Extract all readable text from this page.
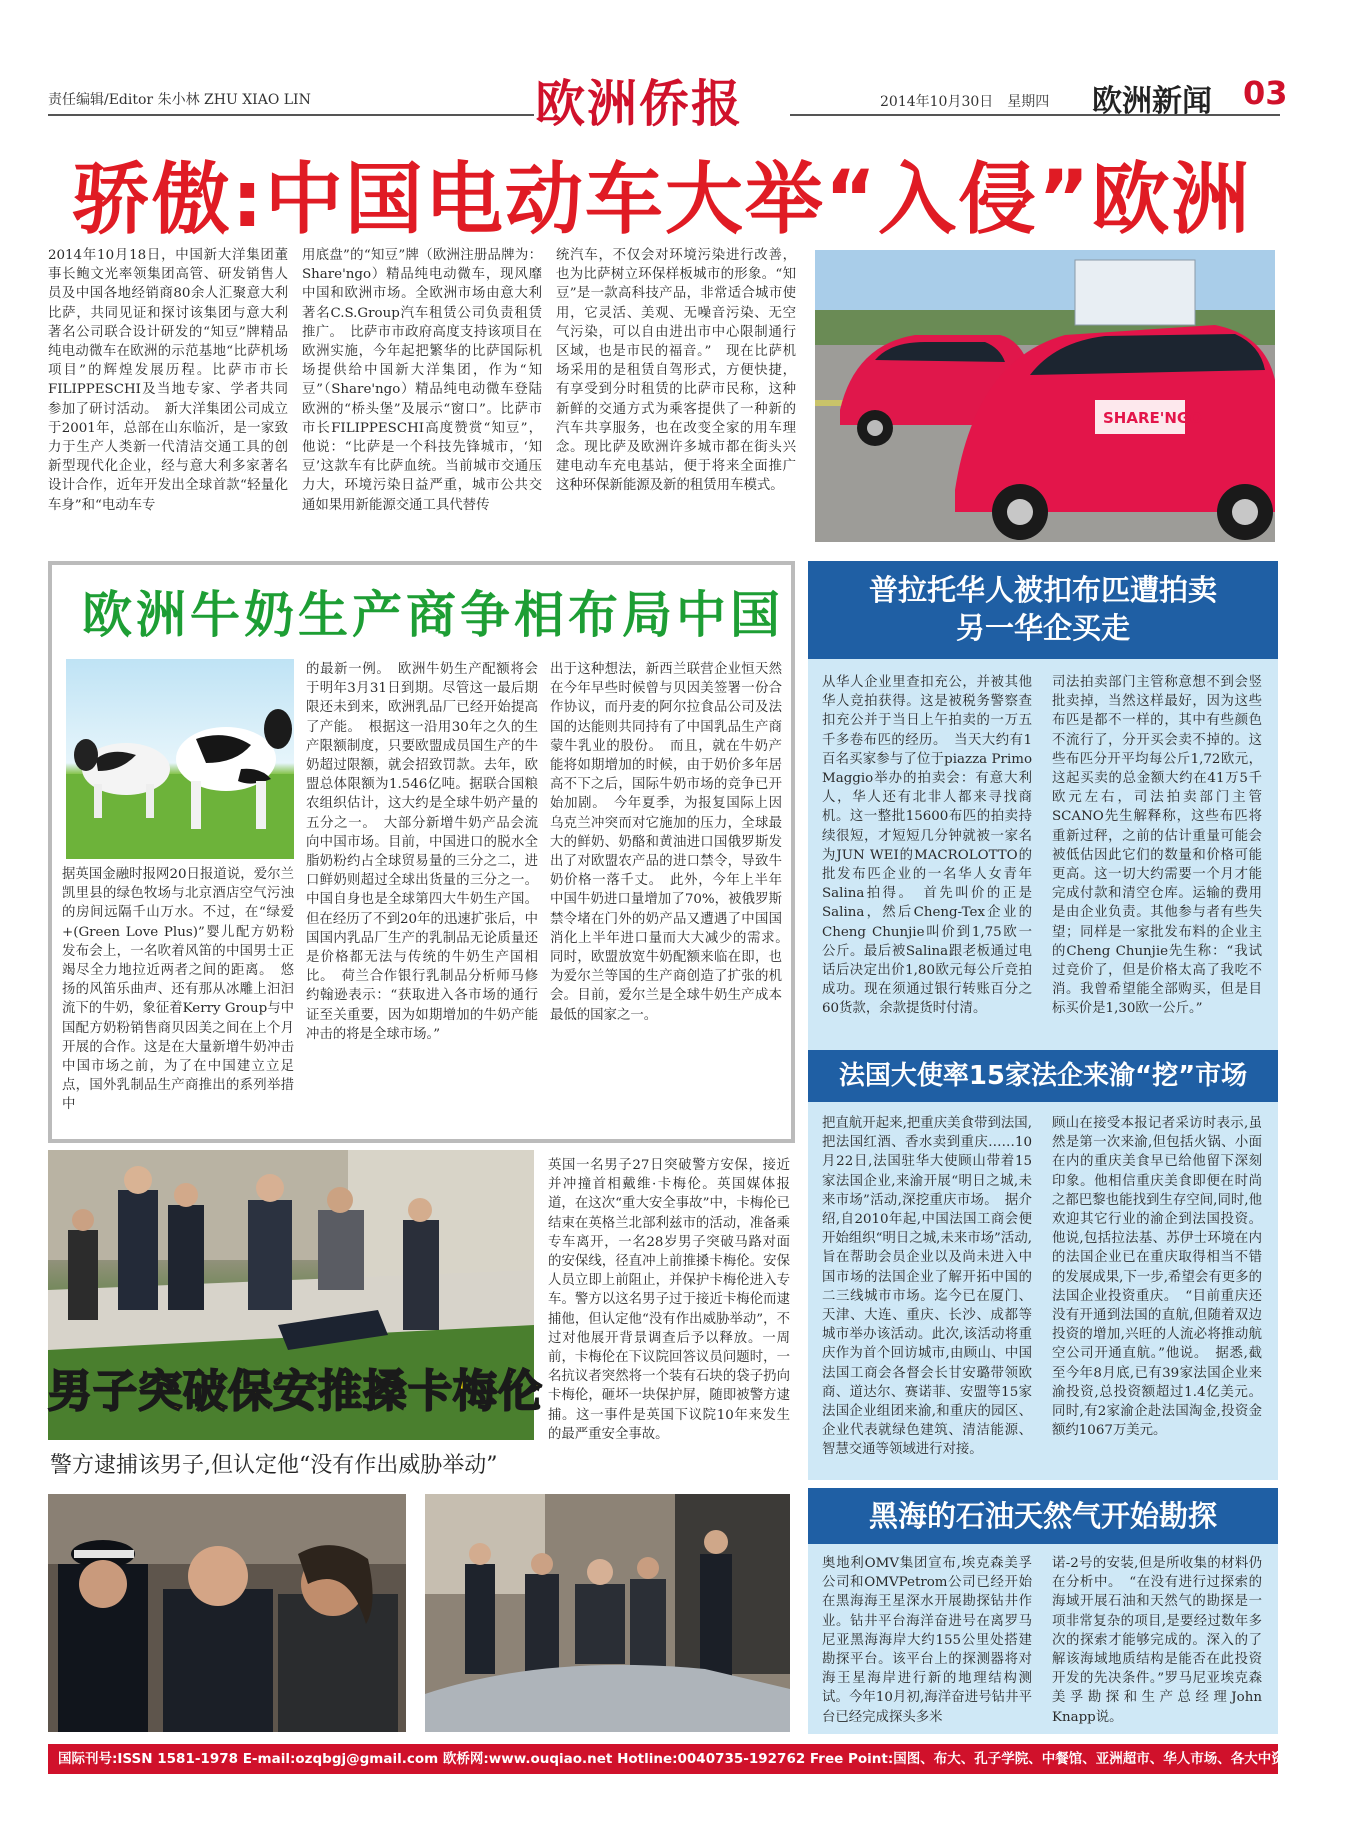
责任编辑/Editor 朱小林 ZHU XIAO LIN	欧洲侨报	2014年10月30日　星期四 欧洲新闻 03
骄傲:中国电动车大举“入侵”欧洲
2014年10月18日，中国新大洋集团董事长鲍文光率领集团高管、研发销售人员及中国各地经销商80余人汇聚意大利比萨，共同见证和探讨该集团与意大利著名公司联合设计研发的“知豆”牌精品纯电动微车在欧洲的示范基地“比萨机场项目”的辉煌发展历程。比萨市市长FILIPPESCHI及当地专家、学者共同参加了研讨活动。　新大洋集团公司成立于2001年，总部在山东临沂，是一家致力于生产人类新一代清洁交通工具的创新型现代化企业，经与意大利多家著名设计合作，近年开发出全球首款“轻量化车身”和“电动车专
用底盘”的“知豆”牌（欧洲注册品牌为：Share'ngo）精品纯电动微车，现风靡中国和欧洲市场。全欧洲市场由意大利著名C.S.Group汽车租赁公司负责租赁推广。　比萨市市政府高度支持该项目在欧洲实施，今年起把繁华的比萨国际机场提供给中国新大洋集团，作为“知豆”（Share'ngo）精品纯电动微车登陆欧洲的“桥头堡”及展示“窗口”。比萨市市长FILIPPESCHI高度赞赏“知豆”，他说：“比萨是一个科技先锋城市，‘知豆’这款车有比萨血统。当前城市交通压力大，环境污染日益严重，城市公共交通如果用新能源交通工具代替传
统汽车，不仅会对环境污染进行改善，也为比萨树立环保样板城市的形象。“知豆”是一款高科技产品，非常适合城市使用，它灵活、美观、无噪音污染、无空气污染，可以自由进出市中心限制通行区域，也是市民的福音。”　现在比萨机场采用的是租赁自驾形式，方便快捷，有享受到分时租赁的比萨市民称，这种新鲜的交通方式为乘客提供了一种新的汽车共享服务，也在改变全家的用车理念。现比萨及欧洲许多城市都在街头兴建电动车充电基站，便于将来全面推广这种环保新能源及新的租赁用车模式。
SHARE'NGO
欧洲牛奶生产商争相布局中国
据英国金融时报网20日报道说，爱尔兰凯里县的绿色牧场与北京酒店空气污浊的房间远隔千山万水。不过，在“绿爱+(Green Love Plus)”婴儿配方奶粉发布会上，一名吹着风笛的中国男士正竭尽全力地拉近两者之间的距离。　悠扬的风笛乐曲声、还有那从冰雕上汩汩流下的牛奶，象征着Kerry Group与中国配方奶粉销售商贝因美之间在上个月开展的合作。这是在大量新增牛奶冲击中国市场之前，为了在中国建立立足点，国外乳制品生产商推出的系列举措中
的最新一例。　欧洲牛奶生产配额将会于明年3月31日到期。尽管这一最后期限还未到来，欧洲乳品厂已经开始提高了产能。　根据这一沿用30年之久的生产限额制度，只要欧盟成员国生产的牛奶超过限额，就会招致罚款。去年，欧盟总体限额为1.546亿吨。据联合国粮农组织估计，这大约是全球牛奶产量的五分之一。　大部分新增牛奶产品会流向中国市场。目前，中国进口的脱水全脂奶粉约占全球贸易量的三分之二，进口鲜奶则超过全球出货量的三分之一。中国自身也是全球第四大牛奶生产国。但在经历了不到20年的迅速扩张后，中国国内乳品厂生产的乳制品无论质量还是价格都无法与传统的牛奶生产国相比。　荷兰合作银行乳制品分析师马修约翰逊表示：“获取进入各市场的通行证至关重要，因为如期增加的牛奶产能冲击的将是全球市场。”
出于这种想法，新西兰联营企业恒天然在今年早些时候曾与贝因美签署一份合作协议，而丹麦的阿尔拉食品公司及法国的达能则共同持有了中国乳品生产商蒙牛乳业的股份。　而且，就在牛奶产能将如期增加的时候，由于奶价多年居高不下之后，国际牛奶市场的竞争已开始加剧。　今年夏季，为报复国际上因乌克兰冲突而对它施加的压力，全球最大的鲜奶、奶酪和黄油进口国俄罗斯发出了对欧盟农产品的进口禁令，导致牛奶价格一落千丈。　此外，今年上半年中国牛奶进口量增加了70%，被俄罗斯禁令堵在门外的奶产品又遭遇了中国国消化上半年进口量而大大减少的需求。　同时，欧盟放宽牛奶配额来临在即，也为爱尔兰等国的生产商创造了扩张的机会。目前，爱尔兰是全球牛奶生产成本最低的国家之一。
普拉托华人被扣布匹遭拍卖
另一华企买走
从华人企业里查扣充公，并被其他华人竞拍获得。这是被税务警察查扣充公并于当日上午拍卖的一万五千多卷布匹的经历。　当天大约有1百名买家参与了位于piazza Primo Maggio举办的拍卖会：有意大利人，华人还有北非人都来寻找商机。这一整批15600布匹的拍卖持续很短，才短短几分钟就被一家名为JUN WEI的MACROLOTTO的批发布匹企业的一名华人女青年Salina拍得。　首先叫价的正是Salina，然后Cheng-Tex企业的Cheng Chunjie叫价到1,75欧一公斤。最后被Salina跟老板通过电话后决定出价1,80欧元每公斤竞拍成功。现在须通过银行转账百分之60货款，余款提货时付清。
司法拍卖部门主管称意想不到会竖批卖掉，当然这样最好，因为这些布匹是都不一样的，其中有些颜色不流行了，分开买会卖不掉的。这些布匹分开平均每公斤1,72欧元，这起买卖的总金额大约在41万5千欧元左右，司法拍卖部门主管SCANO先生解释称，这些布匹将重新过秤，之前的估计重量可能会被低估因此它们的数量和价格可能更高。这一切大约需要一个月才能完成付款和清空仓库。运输的费用是由企业负责。其他参与者有些失望；同样是一家批发布料的企业主的Cheng Chunjie先生称：“我试过竞价了，但是价格太高了我吃不消。我曾希望能全部购买，但是目标买价是1,30欧一公斤。”
法国大使率15家法企来渝“挖”市场
把直航开起来,把重庆美食带到法国,把法国红酒、香水卖到重庆……10月22日,法国驻华大使顾山带着15家法国企业,来渝开展“明日之城,未来市场”活动,深挖重庆市场。　据介绍,自2010年起,中国法国工商会便开始组织“明日之城,未来市场”活动,旨在帮助会员企业以及尚未进入中国市场的法国企业了解开拓中国的二三线城市市场。迄今已在厦门、天津、大连、重庆、长沙、成都等城市举办该活动。此次,该活动将重庆作为首个回访城市,由顾山、中国法国工商会各督会长甘安璐带领欧商、道达尔、赛诺菲、安盟等15家法国企业组团来渝,和重庆的园区、企业代表就绿色建筑、清洁能源、智慧交通等领域进行对接。
顾山在接受本报记者采访时表示,虽然是第一次来渝,但包括火锅、小面在内的重庆美食早已给他留下深刻印象。他相信重庆美食即便在时尚之都巴黎也能找到生存空间,同时,他欢迎其它行业的渝企到法国投资。他说,包括拉法基、苏伊士环境在内的法国企业已在重庆取得相当不错的发展成果,下一步,希望会有更多的法国企业投资重庆。　“目前重庆还没有开通到法国的直航,但随着双边投资的增加,兴旺的人流必将推动航空公司开通直航。”他说。　据悉,截至今年8月底,已有39家法国企业来渝投资,总投资额超过1.4亿美元。同时,有2家渝企赴法国淘金,投资金额约1067万美元。
黑海的石油天然气开始勘探
奥地利OMV集团宣布,埃克森美孚公司和OMVPetrom公司已经开始在黑海海王星深水开展勘探钻井作业。钻井平台海洋奋进号在离罗马尼亚黑海海岸大约155公里处搭建勘探平台。该平台上的探测器将对海王星海岸进行新的地理结构测试。今年10月初,海洋奋进号钻井平台已经完成探头多米
诺-2号的安装,但是所收集的材料仍在分析中。　“在没有进行过探索的海域开展石油和天然气的勘探是一项非常复杂的项目,是要经过数年多次的探索才能够完成的。深入的了解该海域地质结构是能否在此投资开发的先决条件。”罗马尼亚埃克森美孚勘探和生产总经理John Knapp说。
男子突破保安推搡卡梅伦
警方逮捕该男子,但认定他“没有作出威胁举动”
英国一名男子27日突破警方安保，接近并冲撞首相戴维·卡梅伦。英国媒体报道，在这次“重大安全事故”中，卡梅伦已结束在英格兰北部利兹市的活动，准备乘专车离开，一名28岁男子突破马路对面的安保线，径直冲上前推搡卡梅伦。安保人员立即上前阻止，并保护卡梅伦进入专车。警方以这名男子过于接近卡梅伦而逮捕他，但认定他“没有作出威胁举动”，不过对他展开背景调查后予以释放。一周前，卡梅伦在下议院回答议员问题时，一名抗议者突然将一个装有石块的袋子扔向卡梅伦，砸坏一块保护屏，随即被警方逮捕。这一事件是英国下议院10年来发生的最严重安全事故。
国际刊号:ISSN 1581-1978 E-mail:ozqbgj@gmail.com 欧桥网:www.ouqiao.net Hotline:0040735-192762 Free Point:国图、布大、孔子学院、中餐馆、亚洲超市、华人市场、各大中资机构、机场
